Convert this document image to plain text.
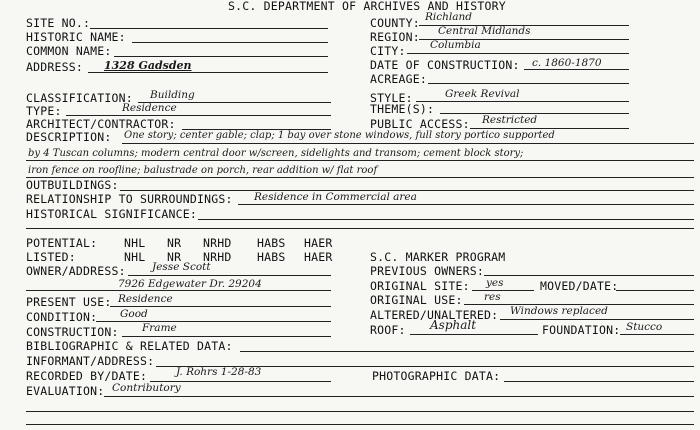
S.C. DEPARTMENT OF ARCHIVES AND HISTORY
SITE NO.:
HISTORIC NAME:
COMMON NAME:
ADDRESS: 1328 Gadsden
COUNTY: Richland
REGION: Central Midlands
CITY: Columbia
DATE OF CONSTRUCTION: c. 1860-1870
ACREAGE:
CLASSIFICATION: Building
TYPE:	Residence
ARCHITECT/CONTRACTOR:
STYLE:	Greek Revival
THEME(S):
PUBLIC ACCESS: Restricted
DESCRIPTION: One story; center gable; clap; 1 bay over stone windows, full story portico supported
by 4 Tuscan columns; modern central door w/screen, sidelights and transom; cement block story;
iron fence on roofline; balustrade on porch, rear addition w/ flat roof
OUTBUILDINGS:
RELATIONSHIP TO SURROUNDINGS: Residence in Commercial area
HISTORICAL SIGNIFICANCE:
POTENTIAL: NHL NR NRHD HABS HAER
LISTED:	NHL NR NRHD HABS HAER	S.C. MARKER PROGRAM
OWNER/ADDRESS:	Jesse Scott
7926 Edgewater Dr. 29204
PREVIOUS OWNERS:
ORIGINAL SITE: yes	MOVED/DATE:
PRESENT USE: Residence	ORIGINAL USE: res
CONDITION: Good	ALTERED/UNALTERED: Windows replaced
CONSTRUCTION: Frame	ROOF: Asphalt	FOUNDATION: Stucco
BIBLIOGRAPHIC & RELATED DATA:
INFORMANT/ADDRESS:
RECORDED BY/DATE:	J. Rohrs 1-28-83	PHOTOGRAPHIC DATA:
EVALUATION: Contributory
